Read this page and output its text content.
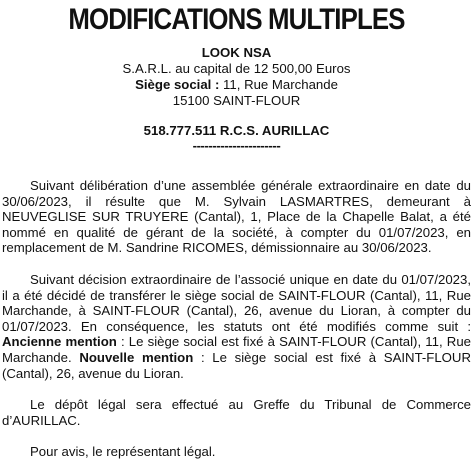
MODIFICATIONS MULTIPLES
LOOK NSA
S.A.R.L. au capital de 12 500,00 Euros
Siège social : 11, Rue Marchande
15100 SAINT-FLOUR
518.777.511 R.C.S. AURILLAC
----------------------

Suivant délibération d’une assemblée générale extraordinaire en date du 30/06/2023, il résulte que M. Sylvain LASMARTRES, demeurant à NEUVEGLISE SUR TRUYERE (Cantal), 1, Place de la Chapelle Balat, a été nommé en qualité de gérant de la société, à compter du 01/07/2023, en remplacement de M. Sandrine RICOMES, démissionnaire au 30/06/2023.

Suivant décision extraordinaire de l’associé unique en date du 01/07/2023, il a été décidé de transférer le siège social de SAINT-FLOUR (Cantal), 11, Rue Marchande, à SAINT-FLOUR (Cantal), 26, avenue du Lioran, à compter du 01/07/2023. En conséquence, les statuts ont été modifiés comme suit : Ancienne mention : Le siège social est fixé à SAINT-FLOUR (Cantal), 11, Rue Marchande. Nouvelle mention : Le siège social est fixé à SAINT-FLOUR (Cantal), 26, avenue du Lioran.

Le dépôt légal sera effectué au Greffe du Tribunal de Commerce d’AURILLAC.

Pour avis, le représentant légal.
